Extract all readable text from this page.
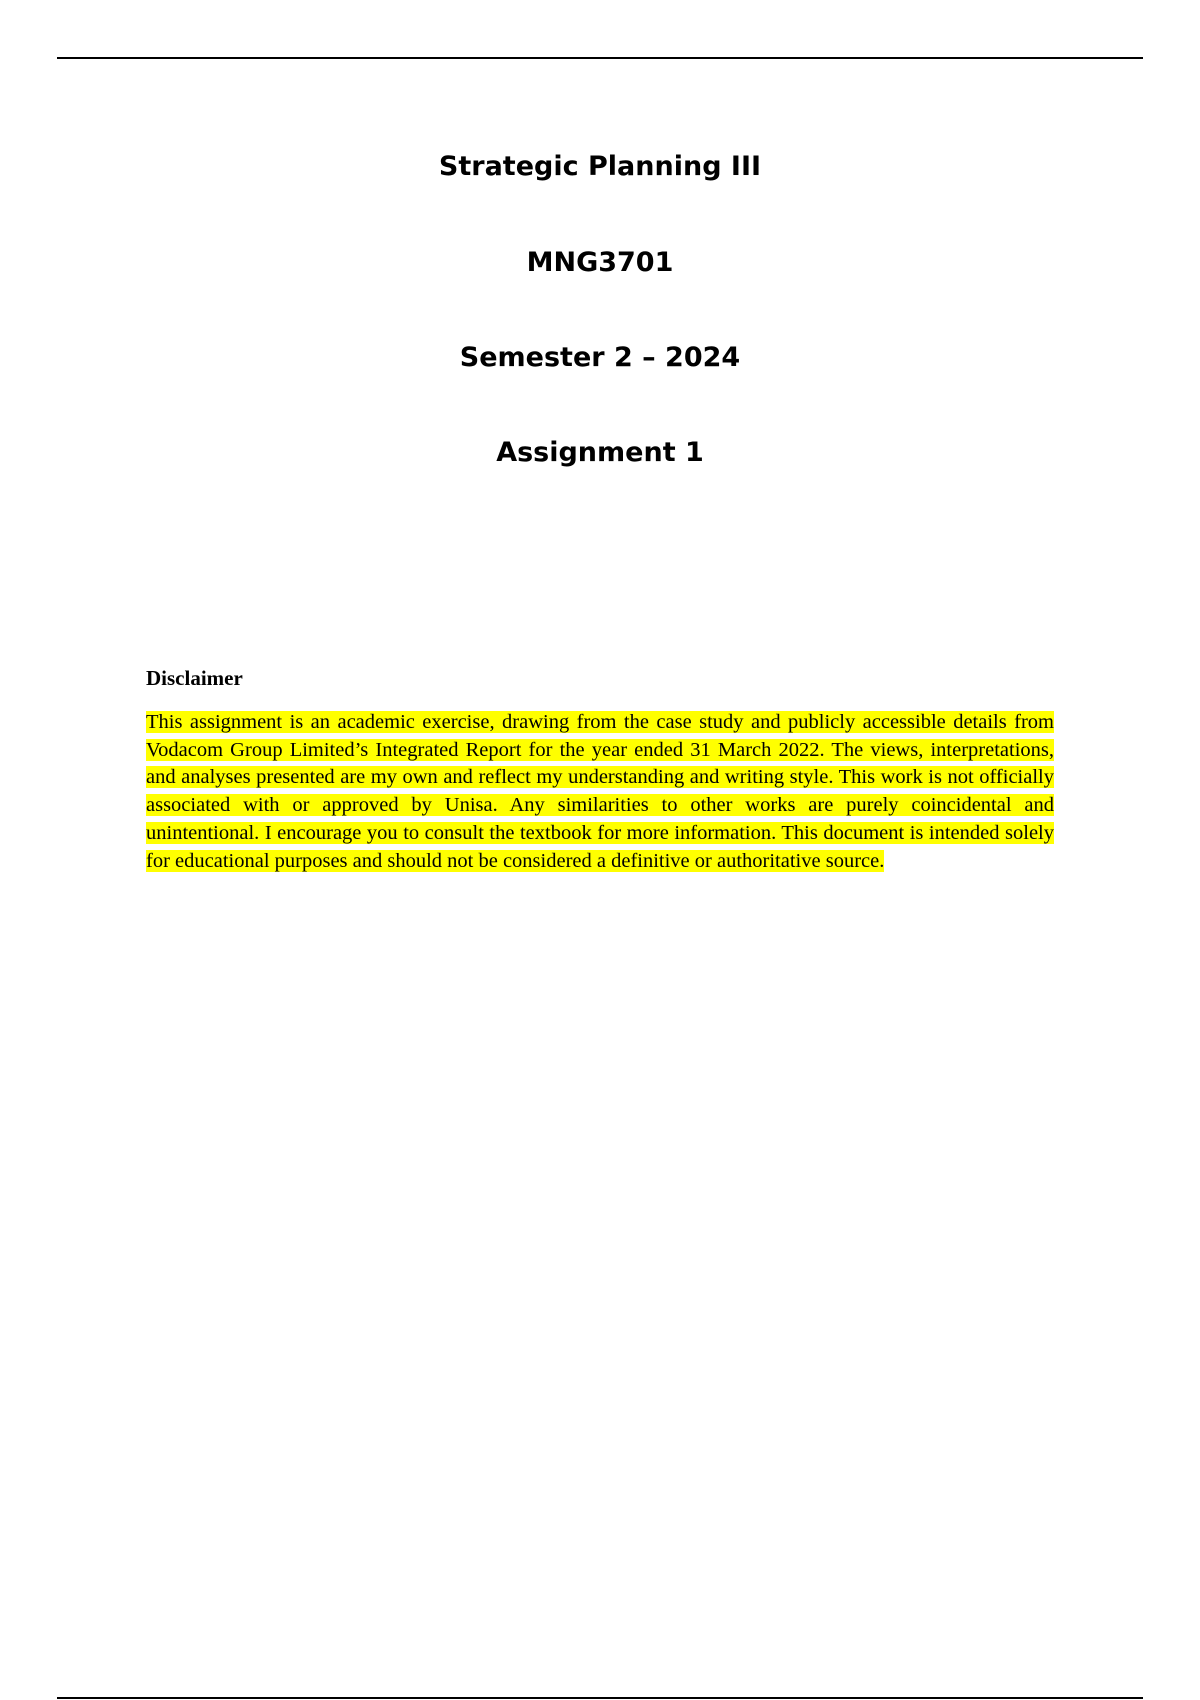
Strategic Planning III
MNG3701
Semester 2 – 2024
Assignment 1
Disclaimer

This assignment is an academic exercise, drawing from the case study and publicly accessible details from Vodacom Group Limited’s Integrated Report for the year ended 31 March 2022. The views, interpretations, and analyses presented are my own and reflect my understanding and writing style. This work is not officially associated with or approved by Unisa. Any similarities to other works are purely coincidental and unintentional. I encourage you to consult the textbook for more information. This document is intended solely for educational purposes and should not be considered a definitive or authoritative source.
